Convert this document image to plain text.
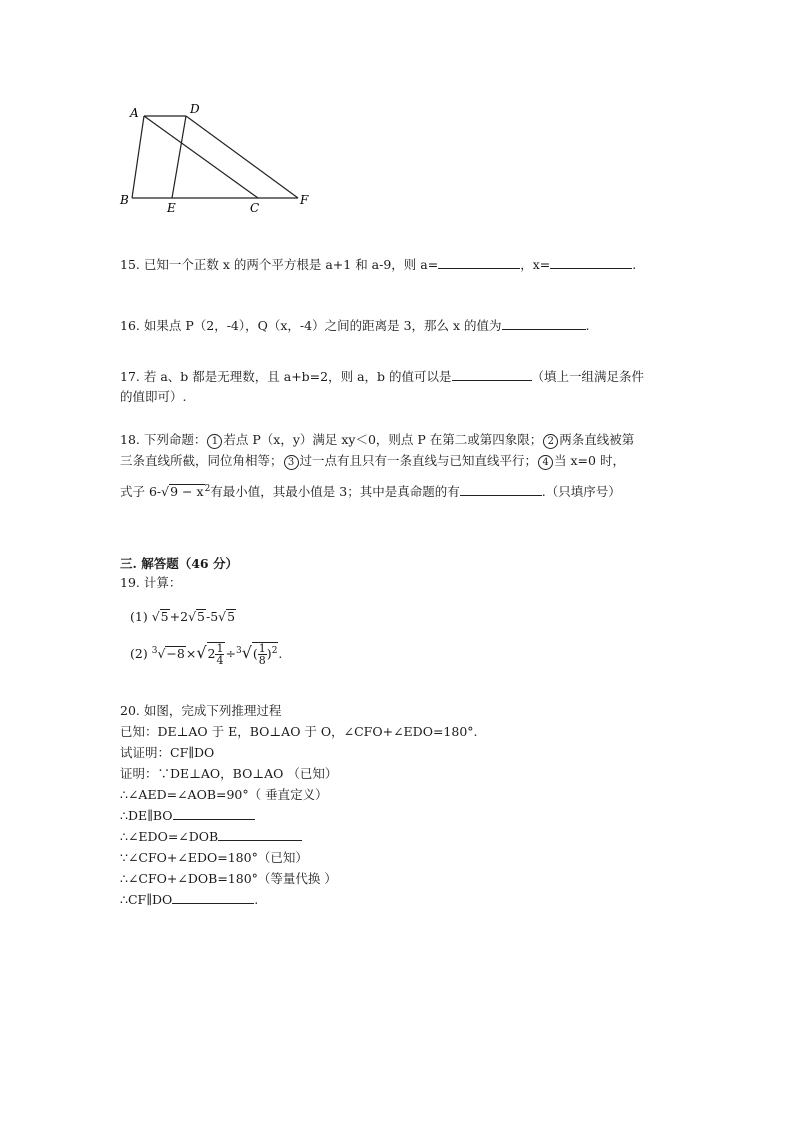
A	D
B
E	C
F
15. 已知一个正数 x 的两个平方根是 a+1 和 a-9，则 a=	，x=	.
16. 如果点 P（2，-4），Q（x，-4）之间的距离是 3，那么 x 的值为	.
17. 若 a、b 都是无理数，且 a+b=2，则 a，b 的值可以是	（填上一组满足条件
的值即可）.
18. 下列命题： 1 若点 P（x，y）满足 xy＜0，则点 P 在第二或第四象限； 2 两条直线被第
三条直线所截，同位角相等； 3 过一点有且只有一条直线与已知直线平行； 4 当 x=0 时，
式子 $6-√9 - x^2$有最小值，其最小值是 3；其中是真命题的有	.（只填序号）
三. 解答题（46 分）
19. 计算：
(1) √5+2√5-5√5
(2) $^3√-8\times√2 \frac{1}{4} \div^3√( \frac{1}{8} )^2$.
20. 如图，完成下列推理过程
已知：DE⊥AO 于 E，BO⊥AO 于 O，∠CFO+∠EDO=180°.
试证明：CF∥DO
证明：∵DE⊥AO，BO⊥AO （已知）
∴∠AED=∠AOB=90°（ 垂直定义）
∴DE∥BO
∴∠EDO=∠DOB
∵∠CFO+∠EDO=180°（已知）
∴∠CFO+∠DOB=180°（等量代换 ）
∴CF∥DO	.
